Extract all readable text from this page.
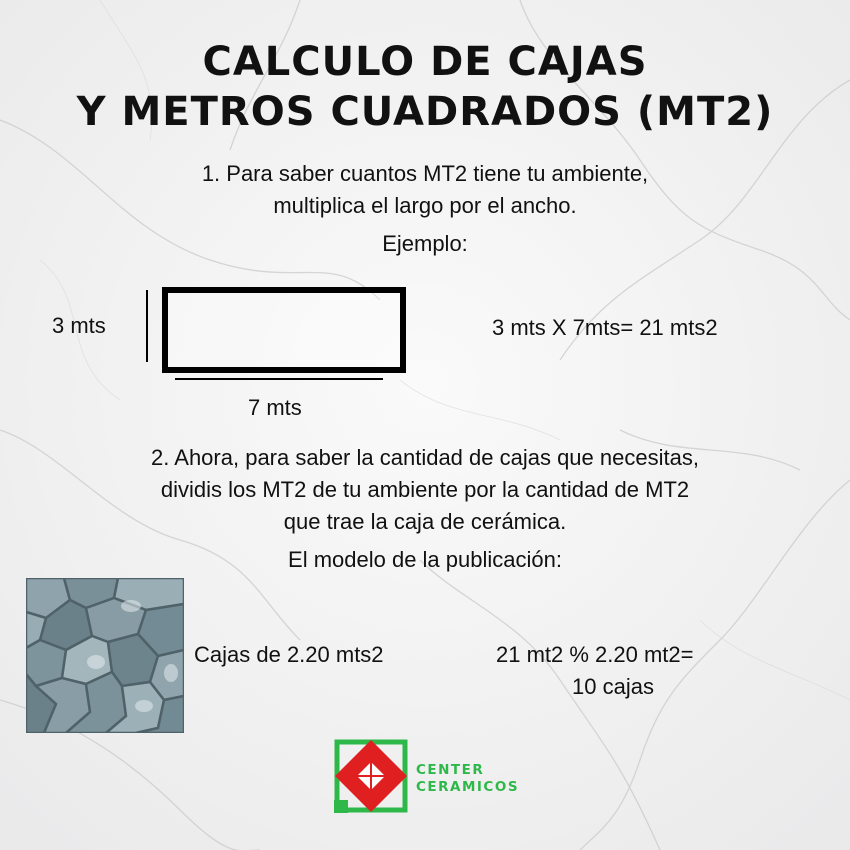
CALCULO DE CAJAS
Y METROS CUADRADOS (MT2)
1. Para saber cuantos MT2 tiene tu ambiente,
multiplica el largo por el ancho.
Ejemplo:
3 mts
7 mts
3 mts X 7mts= 21 mts2
2. Ahora, para saber la cantidad de cajas que necesitas,
dividis los MT2 de tu ambiente por la cantidad de MT2
que trae la caja de cerámica.
El modelo de la publicación:
Cajas de 2.20 mts2	21 mt2 % 2.20 mt2=
10 cajas
CENTER
CERAMICOS
